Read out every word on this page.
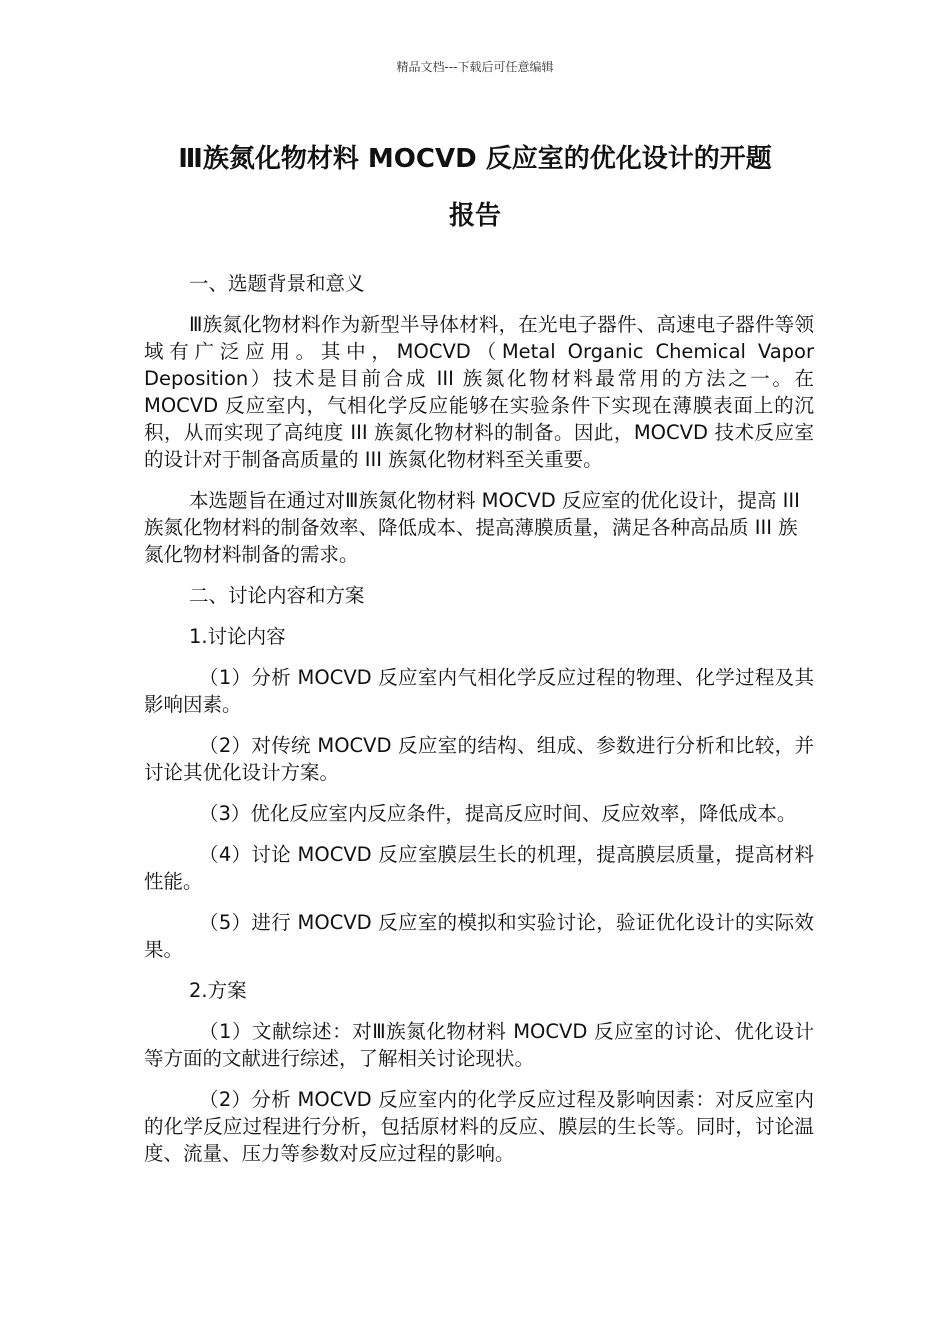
精品文档---下载后可任意编辑
Ⅲ族氮化物材料 MOCVD 反应室的优化设计的开题
报告

一、选题背景和意义

Ⅲ族氮化物材料作为新型半导体材料，在光电子器件、高速电子器件等领域有广泛应用。其中，MOCVD（Metal Organic Chemical Vapor Deposition）技术是目前合成 III 族氮化物材料最常用的方法之一。在 MOCVD 反应室内，气相化学反应能够在实验条件下实现在薄膜表面上的沉积，从而实现了高纯度 III 族氮化物材料的制备。因此，MOCVD 技术反应室的设计对于制备高质量的 III 族氮化物材料至关重要。

本选题旨在通过对Ⅲ族氮化物材料 MOCVD 反应室的优化设计，提高 III 族氮化物材料的制备效率、降低成本、提高薄膜质量，满足各种高品质 III 族氮化物材料制备的需求。

二、讨论内容和方案

1.讨论内容

（1）分析 MOCVD 反应室内气相化学反应过程的物理、化学过程及其影响因素。

（2）对传统 MOCVD 反应室的结构、组成、参数进行分析和比较，并讨论其优化设计方案。

（3）优化反应室内反应条件，提高反应时间、反应效率，降低成本。

（4）讨论 MOCVD 反应室膜层生长的机理，提高膜层质量，提高材料性能。

（5）进行 MOCVD 反应室的模拟和实验讨论，验证优化设计的实际效果。

2.方案

（1）文献综述：对Ⅲ族氮化物材料 MOCVD 反应室的讨论、优化设计等方面的文献进行综述，了解相关讨论现状。

（2）分析 MOCVD 反应室内的化学反应过程及影响因素：对反应室内的化学反应过程进行分析，包括原材料的反应、膜层的生长等。同时，讨论温度、流量、压力等参数对反应过程的影响。
